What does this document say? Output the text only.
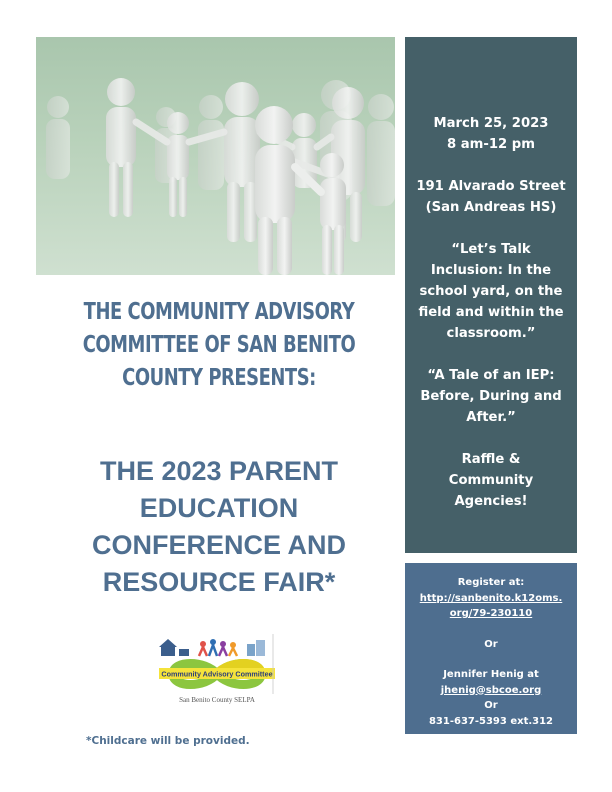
March 25, 2023

8 am-12 pm

191 Alvarado Street

(San Andreas HS)

“Let’s Talk

Inclusion: In the

school yard, on the

field and within the

classroom.”

“A Tale of an IEP:

Before, During and

After.”

Raffle &

Community

Agencies!

Register at:

http://sanbenito.k12oms.

org/79-230110

Or

Jennifer Henig at

jhenig@sbcoe.org

Or

831-637-5393 ext.312

THE COMMUNITY ADVISORY

COMMITTEE OF SAN BENITO

COUNTY PRESENTS:

THE 2023 PARENT

EDUCATION

CONFERENCE AND

RESOURCE FAIR*

Community Advisory Committee
San Benito County SELPA
*Childcare will be provided.
